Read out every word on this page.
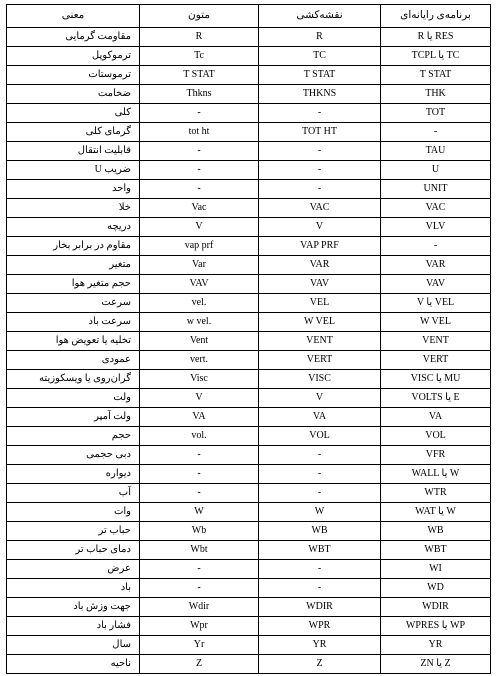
معنی	متون	نقشه‌کشی	برنامه‌ی رایانه‌ای
مقاومت گرمایی	R	R	R یا RES
ترموکوپل	Tc	TC	TCPL یا TC
ترموستات	T STAT	T STAT	T STAT
ضخامت	Thkns	THKNS	THK
کلی	-	-	TOT
گرمای کلی	tot ht	TOT HT	-
قابلیت انتقال	-	-	TAU
ضریب U	-	-	U
واحد	-	-	UNIT
خلا	Vac	VAC	VAC
دریچه	V	V	VLV
مقاوم در برابر بخار	vap prf	VAP PRF	-
متغیر	Var	VAR	VAR
حجم متغیر هوا	VAV	VAV	VAV
سرعت	vel.	VEL	V یا VEL
سرعت باد	w vel.	W VEL	W VEL
تخلیه یا تعویض هوا	Vent	VENT	VENT
عمودی	vert.	VERT	VERT
گران‌روی یا ویسکوزیته	Visc	VISC	VISC یا MU
ولت	V	V	VOLTS یا E
ولت آمپر	VA	VA	VA
حجم	vol.	VOL	VOL
دبی حجمی	-	-	VFR
دیواره	-	-	WALL یا W
آب	-	-	WTR
وات	W	W	WAT یا W
حباب تر	Wb	WB	WB
دمای حباب تر	Wbt	WBT	WBT
عرض	-	-	WI
باد	-	-	WD
جهت وزش باد	Wdir	WDIR	WDIR
فشار باد	Wpr	WPR	WPRES یا WP
سال	Yr	YR	YR
ناحیه	Z	Z	ZN یا Z
